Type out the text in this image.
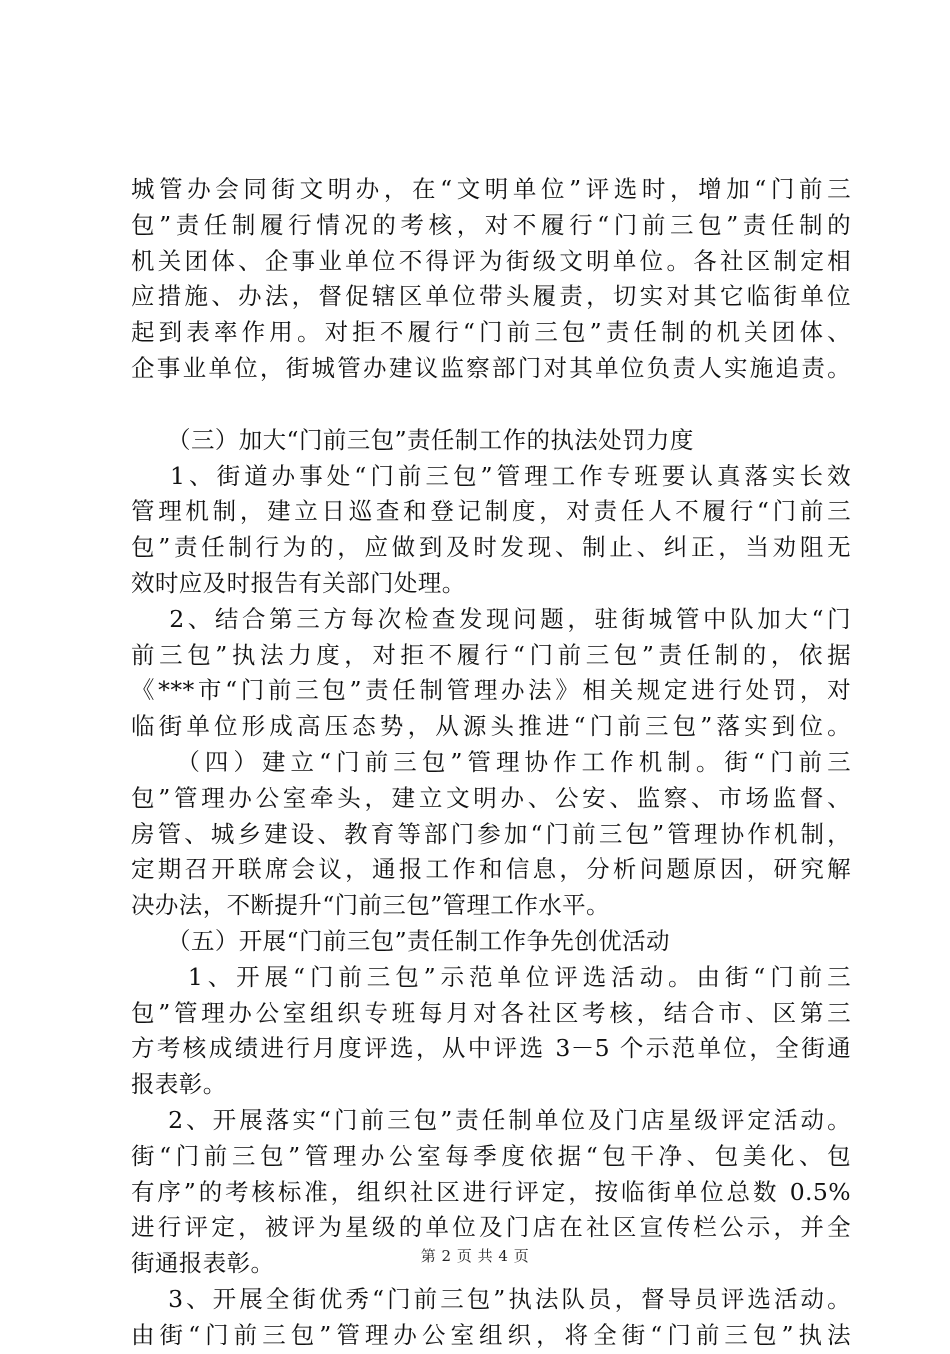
城管办会同街文明办，在“文明单位”评选时，增加“门前三
包”责任制履行情况的考核，对不履行“门前三包”责任制的
机关团体、企事业单位不得评为街级文明单位。各社区制定相
应措施、办法，督促辖区单位带头履责，切实对其它临街单位
起到表率作用。对拒不履行“门前三包”责任制的机关团体、
企事业单位，街城管办建议监察部门对其单位负责人实施追责。
　　（三）加大“门前三包”责任制工作的执法处罚力度
　 1、街道办事处“门前三包”管理工作专班要认真落实长效
管理机制，建立日巡查和登记制度，对责任人不履行“门前三
包”责任制行为的，应做到及时发现、制止、纠正，当劝阻无
效时应及时报告有关部门处理。
　 2、结合第三方每次检查发现问题，驻街城管中队加大“门
前三包”执法力度，对拒不履行“门前三包”责任制的，依据
《***市“门前三包”责任制管理办法》相关规定进行处罚，对
临街单位形成高压态势，从源头推进“门前三包”落实到位。
　　（四）建立“门前三包”管理协作工作机制。街“门前三
包”管理办公室牵头，建立文明办、公安、监察、市场监督、
房管、城乡建设、教育等部门参加“门前三包”管理协作机制，
定期召开联席会议，通报工作和信息，分析问题原因，研究解
决办法，不断提升“门前三包”管理工作水平。
　　（五）开展“门前三包”责任制工作争先创优活动
　　1、开展“门前三包”示范单位评选活动。由街“门前三
包”管理办公室组织专班每月对各社区考核，结合市、区第三
方考核成绩进行月度评选，从中评选 3－5 个示范单位，全街通
报表彰。
　 2、开展落实“门前三包”责任制单位及门店星级评定活动。
街“门前三包”管理办公室每季度依据“包干净、包美化、包
有序”的考核标准，组织社区进行评定，按临街单位总数 0.5%
进行评定，被评为星级的单位及门店在社区宣传栏公示，并全
街通报表彰。
　 3、开展全街优秀“门前三包”执法队员，督导员评选活动。
由街“门前三包”管理办公室组织，将全街“门前三包”执法
第 2 页 共 4 页
